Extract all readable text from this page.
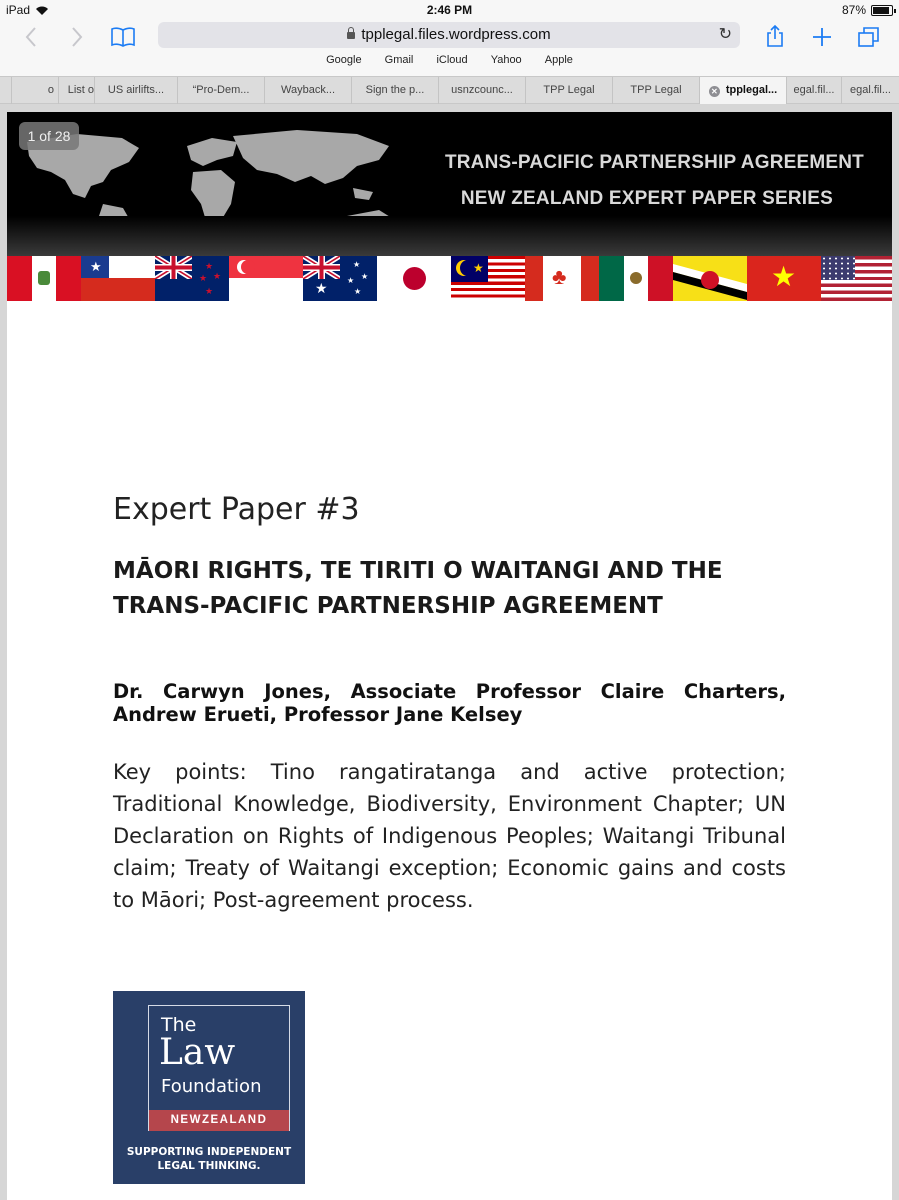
iPad	2:46 PM	87%
tpplegal.files.wordpress.com	↻
Google Gmail iCloud Yahoo Apple
o	List o	US airlifts...	“Pro-Dem...	Wayback...	Sign the p...	usnzcounc...	TPP Legal	TPP Legal	✕ tpplegal...	egal.fil...	egal.fil...
TRANS-PACIFIC PARTNERSHIP AGREEMENT
NEW ZEALAND EXPERT PAPER SERIES
1 of 28
★	★
★
★
★	★
★
★
★
★
★	♣	★
Expert Paper #3
MĀORI RIGHTS, TE TIRITI O WAITANGI AND THE
TRANS-PACIFIC PARTNERSHIP AGREEMENT
Dr. Carwyn Jones, Associate Professor Claire Charters, Andrew Erueti, Professor Jane Kelsey
Key points: Tino rangatiratanga and active protection; Traditional Knowledge, Biodiversity, Environment Chapter; UN Declaration on Rights of Indigenous Peoples; Waitangi Tribunal claim; Treaty of Waitangi exception; Economic gains and costs to Māori; Post-agreement process.
The
Law
Foundation
NEWZEALAND
SUPPORTING INDEPENDENT
LEGAL THINKING.
